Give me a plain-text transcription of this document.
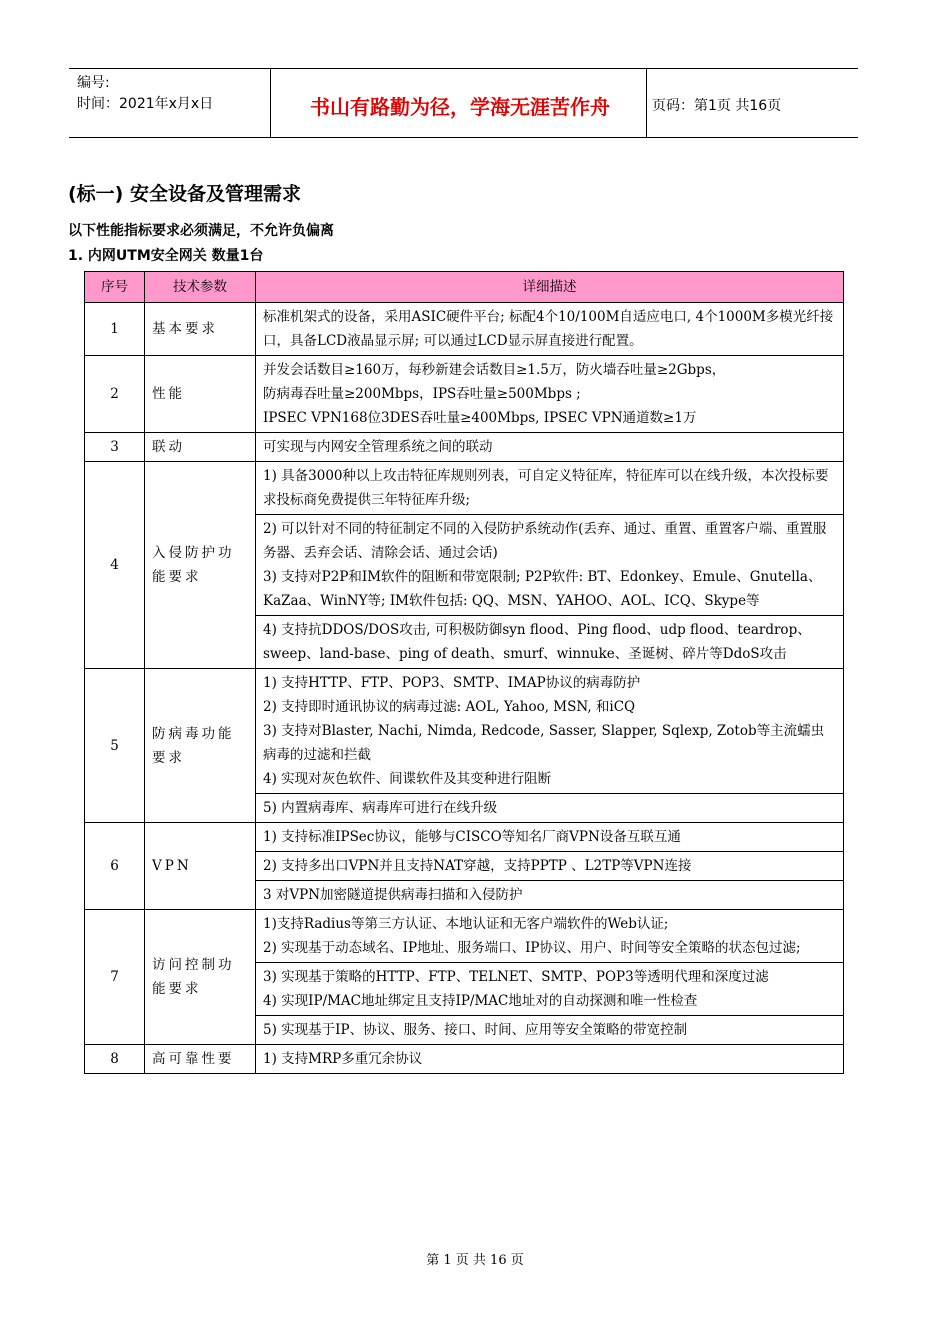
编号:
时间：2021年x月x日	书山有路勤为径，学海无涯苦作舟	页码：第1页 共16页
(标一) 安全设备及管理需求
以下性能指标要求必须满足，不允许负偏离
1. 内网UTM安全网关 数量1台
序号	技术参数	详细描述
1	基本要求	标准机架式的设备，采用ASIC硬件平台; 标配4个10/100M自适应电口, 4个1000M多模光纤接口，具备LCD液晶显示屏; 可以通过LCD显示屏直接进行配置。

2	性能	并发会话数目≥160万，每秒新建会话数目≥1.5万，防火墙吞吐量≥2Gbps，
防病毒吞吐量≥200Mbps，IPS吞吐量≥500Mbps ;
IPSEC VPN168位3DES吞吐量≥400Mbps, IPSEC VPN通道数≥1万

3	联动	可实现与内网安全管理系统之间的联动

4	入侵防护功能要求	1) 具备3000种以上攻击特征库规则列表，可自定义特征库，特征库可以在线升级，本次投标要求投标商免费提供三年特征库升级;

		2) 可以针对不同的特征制定不同的入侵防护系统动作(丢弃、通过、重置、重置客户端、重置服务器、丢弃会话、清除会话、通过会话)
3) 支持对P2P和IM软件的阻断和带宽限制; P2P软件: BT、Edonkey、Emule、Gnutella、KaZaa、WinNY等; IM软件包括: QQ、MSN、YAHOO、AOL、ICQ、Skype等

		4) 支持抗DDOS/DOS攻击, 可积极防御syn flood、Ping flood、udp flood、teardrop、sweep、land-base、ping of death、smurf、winnuke、圣诞树、碎片等DdoS攻击

5	防病毒功能要求	1) 支持HTTP、FTP、POP3、SMTP、IMAP协议的病毒防护
2) 支持即时通讯协议的病毒过滤: AOL, Yahoo, MSN, 和iCQ
3) 支持对Blaster, Nachi, Nimda, Redcode, Sasser, Slapper, Sqlexp, Zotob等主流蠕虫病毒的过滤和拦截
4) 实现对灰色软件、间谍软件及其变种进行阻断

		5) 内置病毒库、病毒库可进行在线升级

6	VPN	1) 支持标准IPSec协议，能够与CISCO等知名厂商VPN设备互联互通

		2) 支持多出口VPN并且支持NAT穿越，支持PPTP 、L2TP等VPN连接

		3 对VPN加密隧道提供病毒扫描和入侵防护

7	访问控制功能要求	1)支持Radius等第三方认证、本地认证和无客户端软件的Web认证;
2) 实现基于动态域名、IP地址、服务端口、IP协议、用户、时间等安全策略的状态包过滤;

		3) 实现基于策略的HTTP、FTP、TELNET、SMTP、POP3等透明代理和深度过滤
4) 实现IP/MAC地址绑定且支持IP/MAC地址对的自动探测和唯一性检查

		5) 实现基于IP、协议、服务、接口、时间、应用等安全策略的带宽控制

8	高可靠性要	1) 支持MRP多重冗余协议
第 1 页 共 16 页
